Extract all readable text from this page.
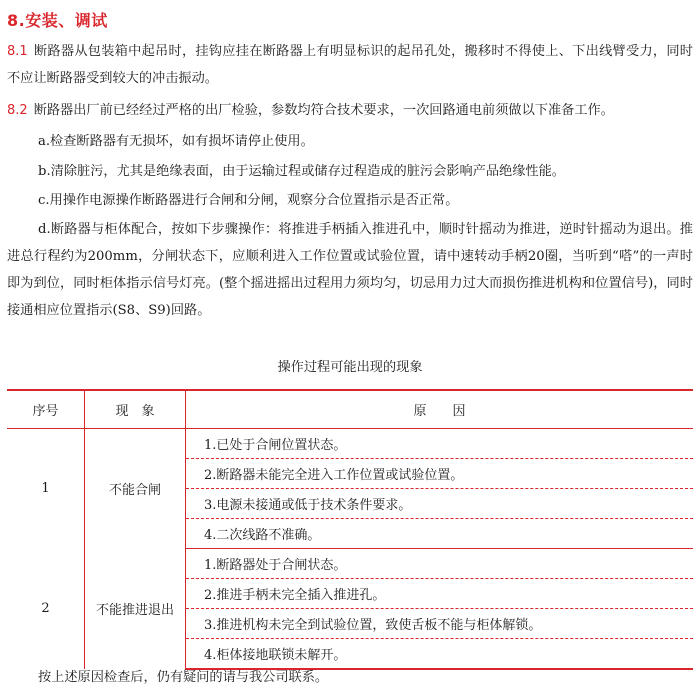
8.安装、调试
8.1 断路器从包装箱中起吊时，挂钩应挂在断路器上有明显标识的起吊孔处，搬移时不得使上、下出线臂受力，同时不应让断路器受到较大的冲击振动。
8.2 断路器出厂前已经经过严格的出厂检验，参数均符合技术要求，一次回路通电前须做以下准备工作。
a.检查断路器有无损坏，如有损坏请停止使用。
b.清除脏污，尤其是绝缘表面，由于运输过程或储存过程造成的脏污会影响产品绝缘性能。
c.用操作电源操作断路器进行合闸和分闸，观察分合位置指示是否正常。
d.断路器与柜体配合，按如下步骤操作：将推进手柄插入推进孔中，顺时针摇动为推进，逆时针摇动为退出。推进总行程约为200mm，分闸状态下，应顺利进入工作位置或试验位置，请中速转动手柄20圈，当听到“嗒”的一声时即为到位，同时柜体指示信号灯亮。(整个摇进摇出过程用力须均匀，切忌用力过大而损伤推进机构和位置信号)，同时接通相应位置指示(S8、S9)回路。
操作过程可能出现的现象
序号	现　象	原　　因
1	不能合闸	1.已处于合闸位置状态。
		2.断路器未能完全进入工作位置或试验位置。
		3.电源未接通或低于技术条件要求。
		4.二次线路不准确。
2	不能推进退出	1.断路器处于合闸状态。
		2.推进手柄未完全插入推进孔。
		3.推进机构未完全到试验位置，致使舌板不能与柜体解锁。
		4.柜体接地联锁未解开。
按上述原因检查后，仍有疑问的请与我公司联系。
